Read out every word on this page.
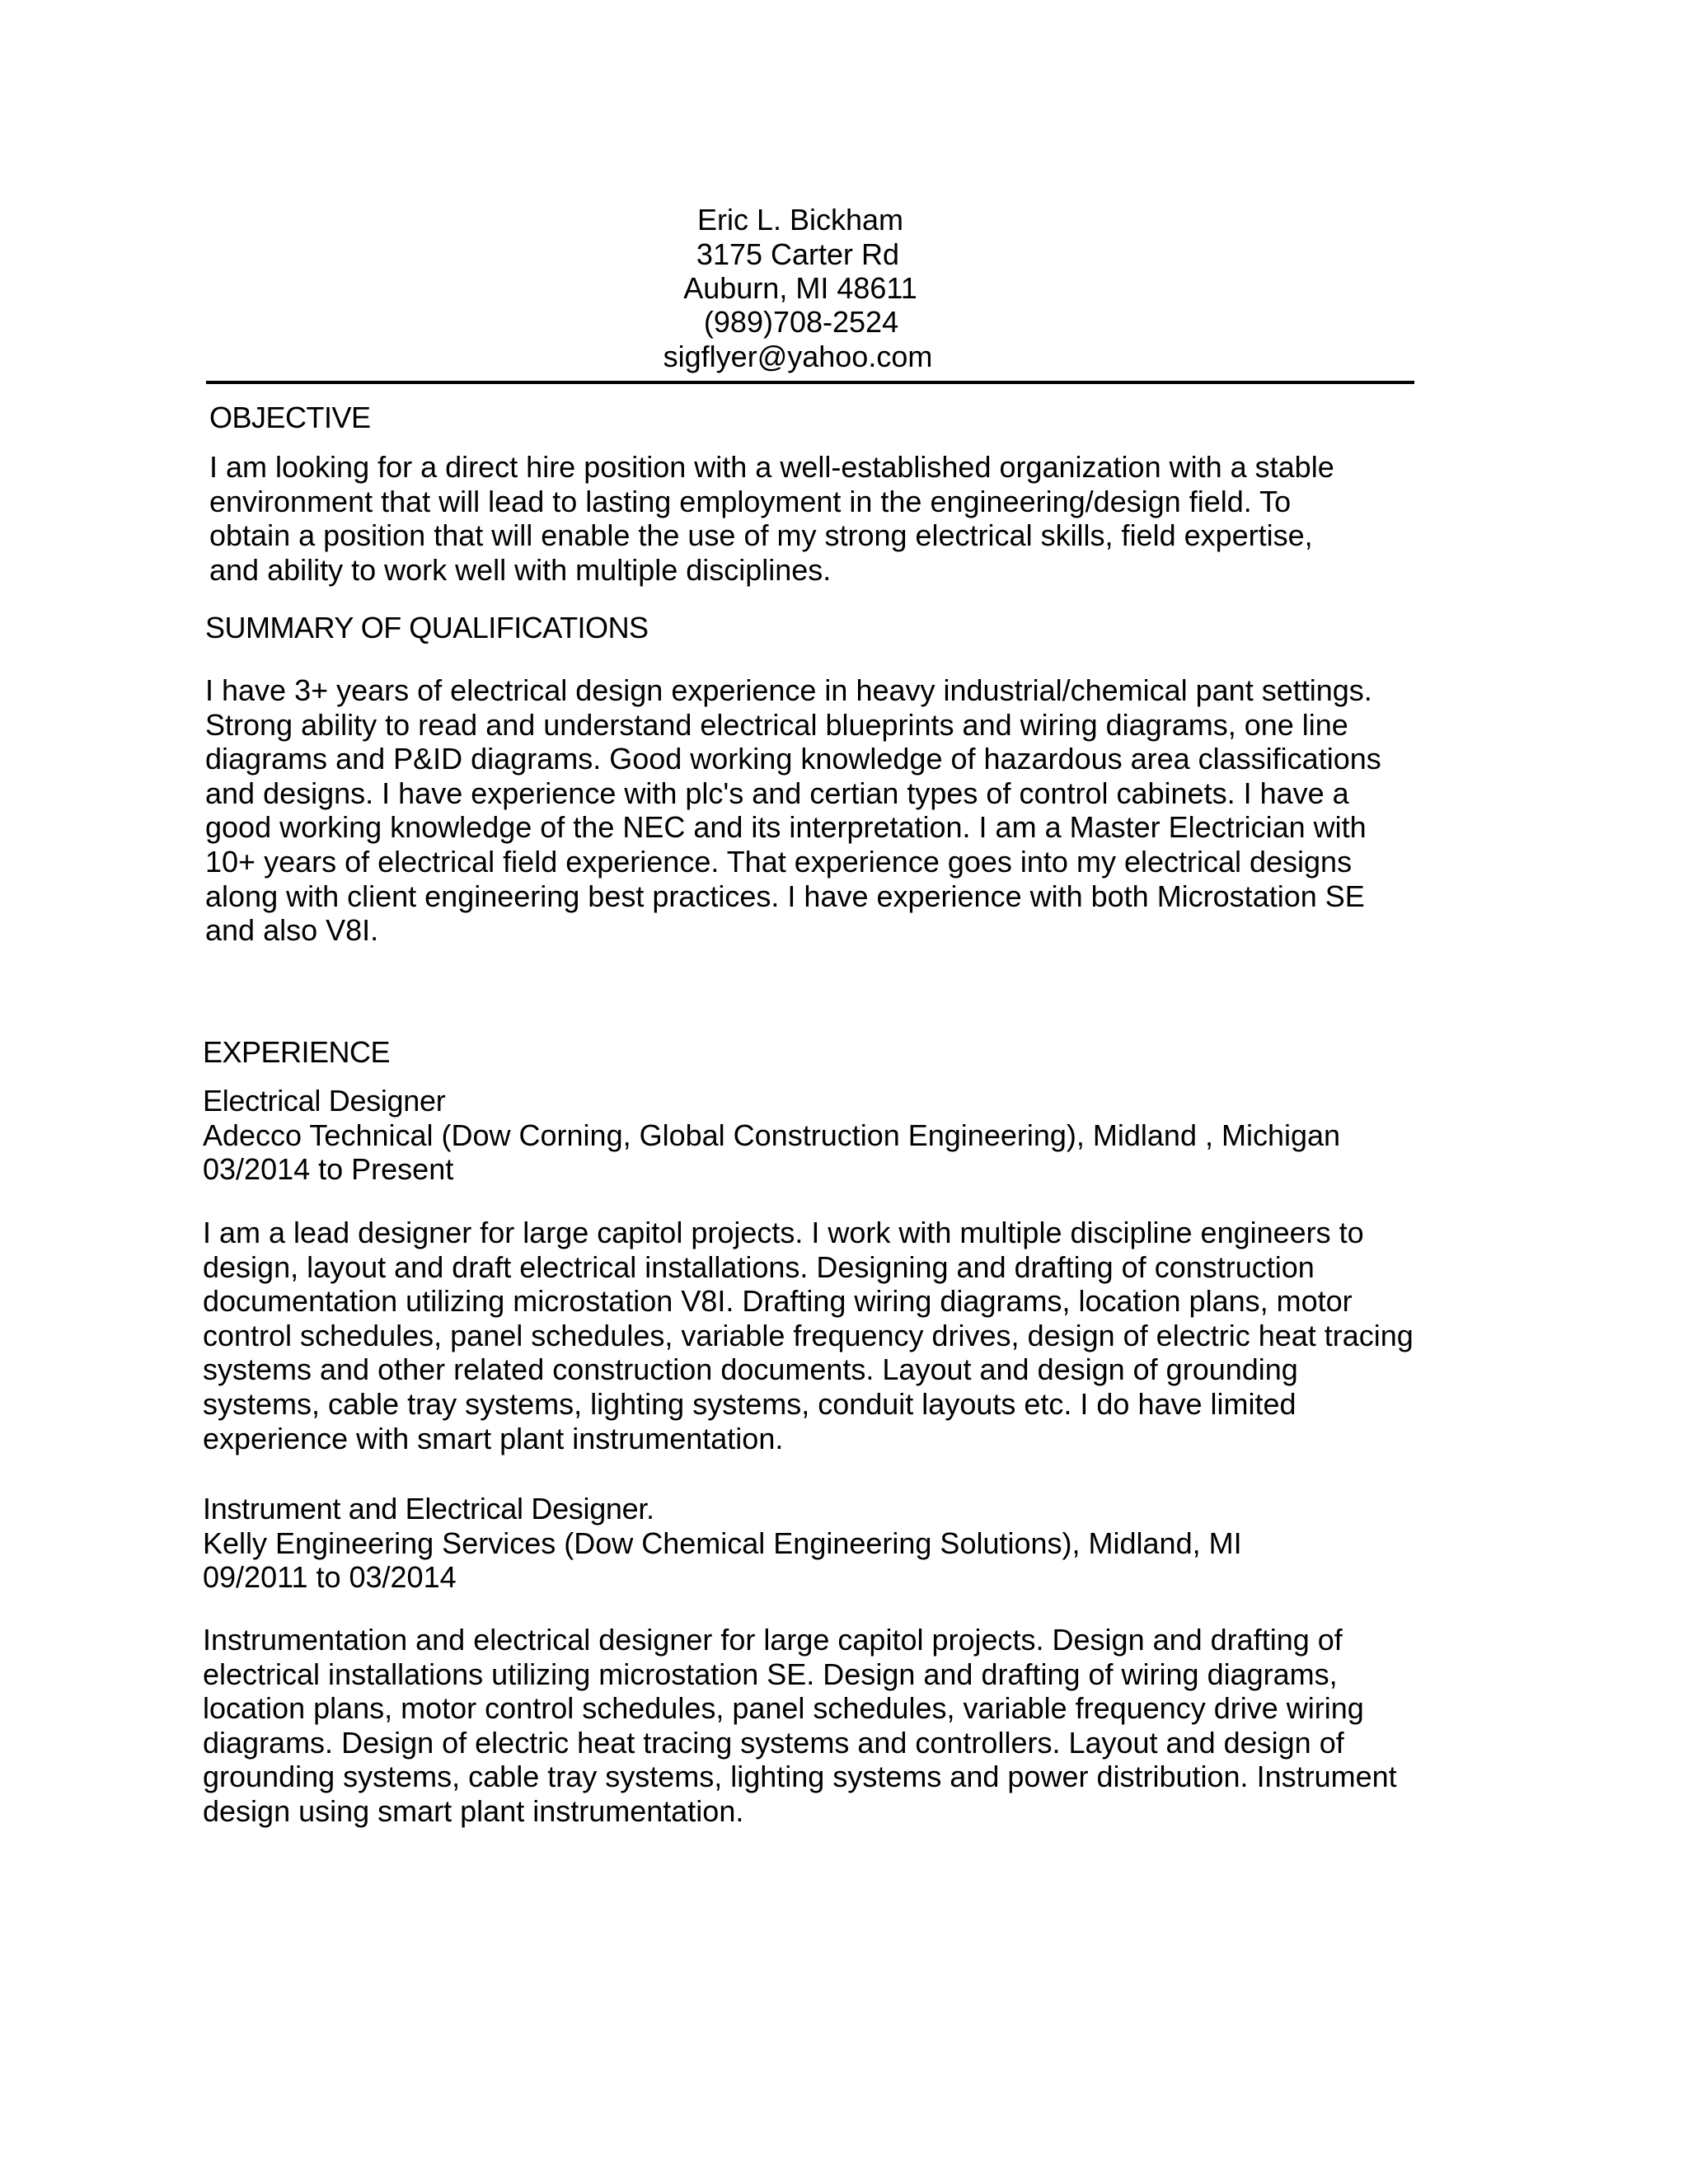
Eric L. Bickham
3175 Carter Rd
Auburn, MI 48611
(989)708-2524
sigflyer@yahoo.com
OBJECTIVE
I am looking for a direct hire position with a well-established organization with a stable
environment that will lead to lasting employment in the engineering/design field. To
obtain a position that will enable the use of my strong electrical skills, field expertise,
and ability to work well with multiple disciplines.
SUMMARY OF QUALIFICATIONS
I have 3+ years of electrical design experience in heavy industrial/chemical pant settings.
Strong ability to read and understand electrical blueprints and wiring diagrams, one line
diagrams and P&ID diagrams. Good working knowledge of hazardous area classifications
and designs. I have experience with plc's and certian types of control cabinets. I have a
good working knowledge of the NEC and its interpretation. I am a Master Electrician with
10+ years of electrical field experience. That experience goes into my electrical designs
along with client engineering best practices. I have experience with both Microstation SE
and also V8I.
EXPERIENCE
Electrical Designer
Adecco Technical (Dow Corning, Global Construction Engineering), Midland , Michigan
03/2014 to Present
I am a lead designer for large capitol projects. I work with multiple discipline engineers to
design, layout and draft electrical installations. Designing and drafting of construction
documentation utilizing microstation V8I. Drafting wiring diagrams, location plans, motor
control schedules, panel schedules, variable frequency drives, design of electric heat tracing
systems and other related construction documents. Layout and design of grounding
systems, cable tray systems, lighting systems, conduit layouts etc. I do have limited
experience with smart plant instrumentation.
Instrument and Electrical Designer.
Kelly Engineering Services (Dow Chemical Engineering Solutions), Midland, MI
09/2011 to 03/2014
Instrumentation and electrical designer for large capitol projects. Design and drafting of
electrical installations utilizing microstation SE. Design and drafting of wiring diagrams,
location plans, motor control schedules, panel schedules, variable frequency drive wiring
diagrams. Design of electric heat tracing systems and controllers. Layout and design of
grounding systems, cable tray systems, lighting systems and power distribution. Instrument
design using smart plant instrumentation.
